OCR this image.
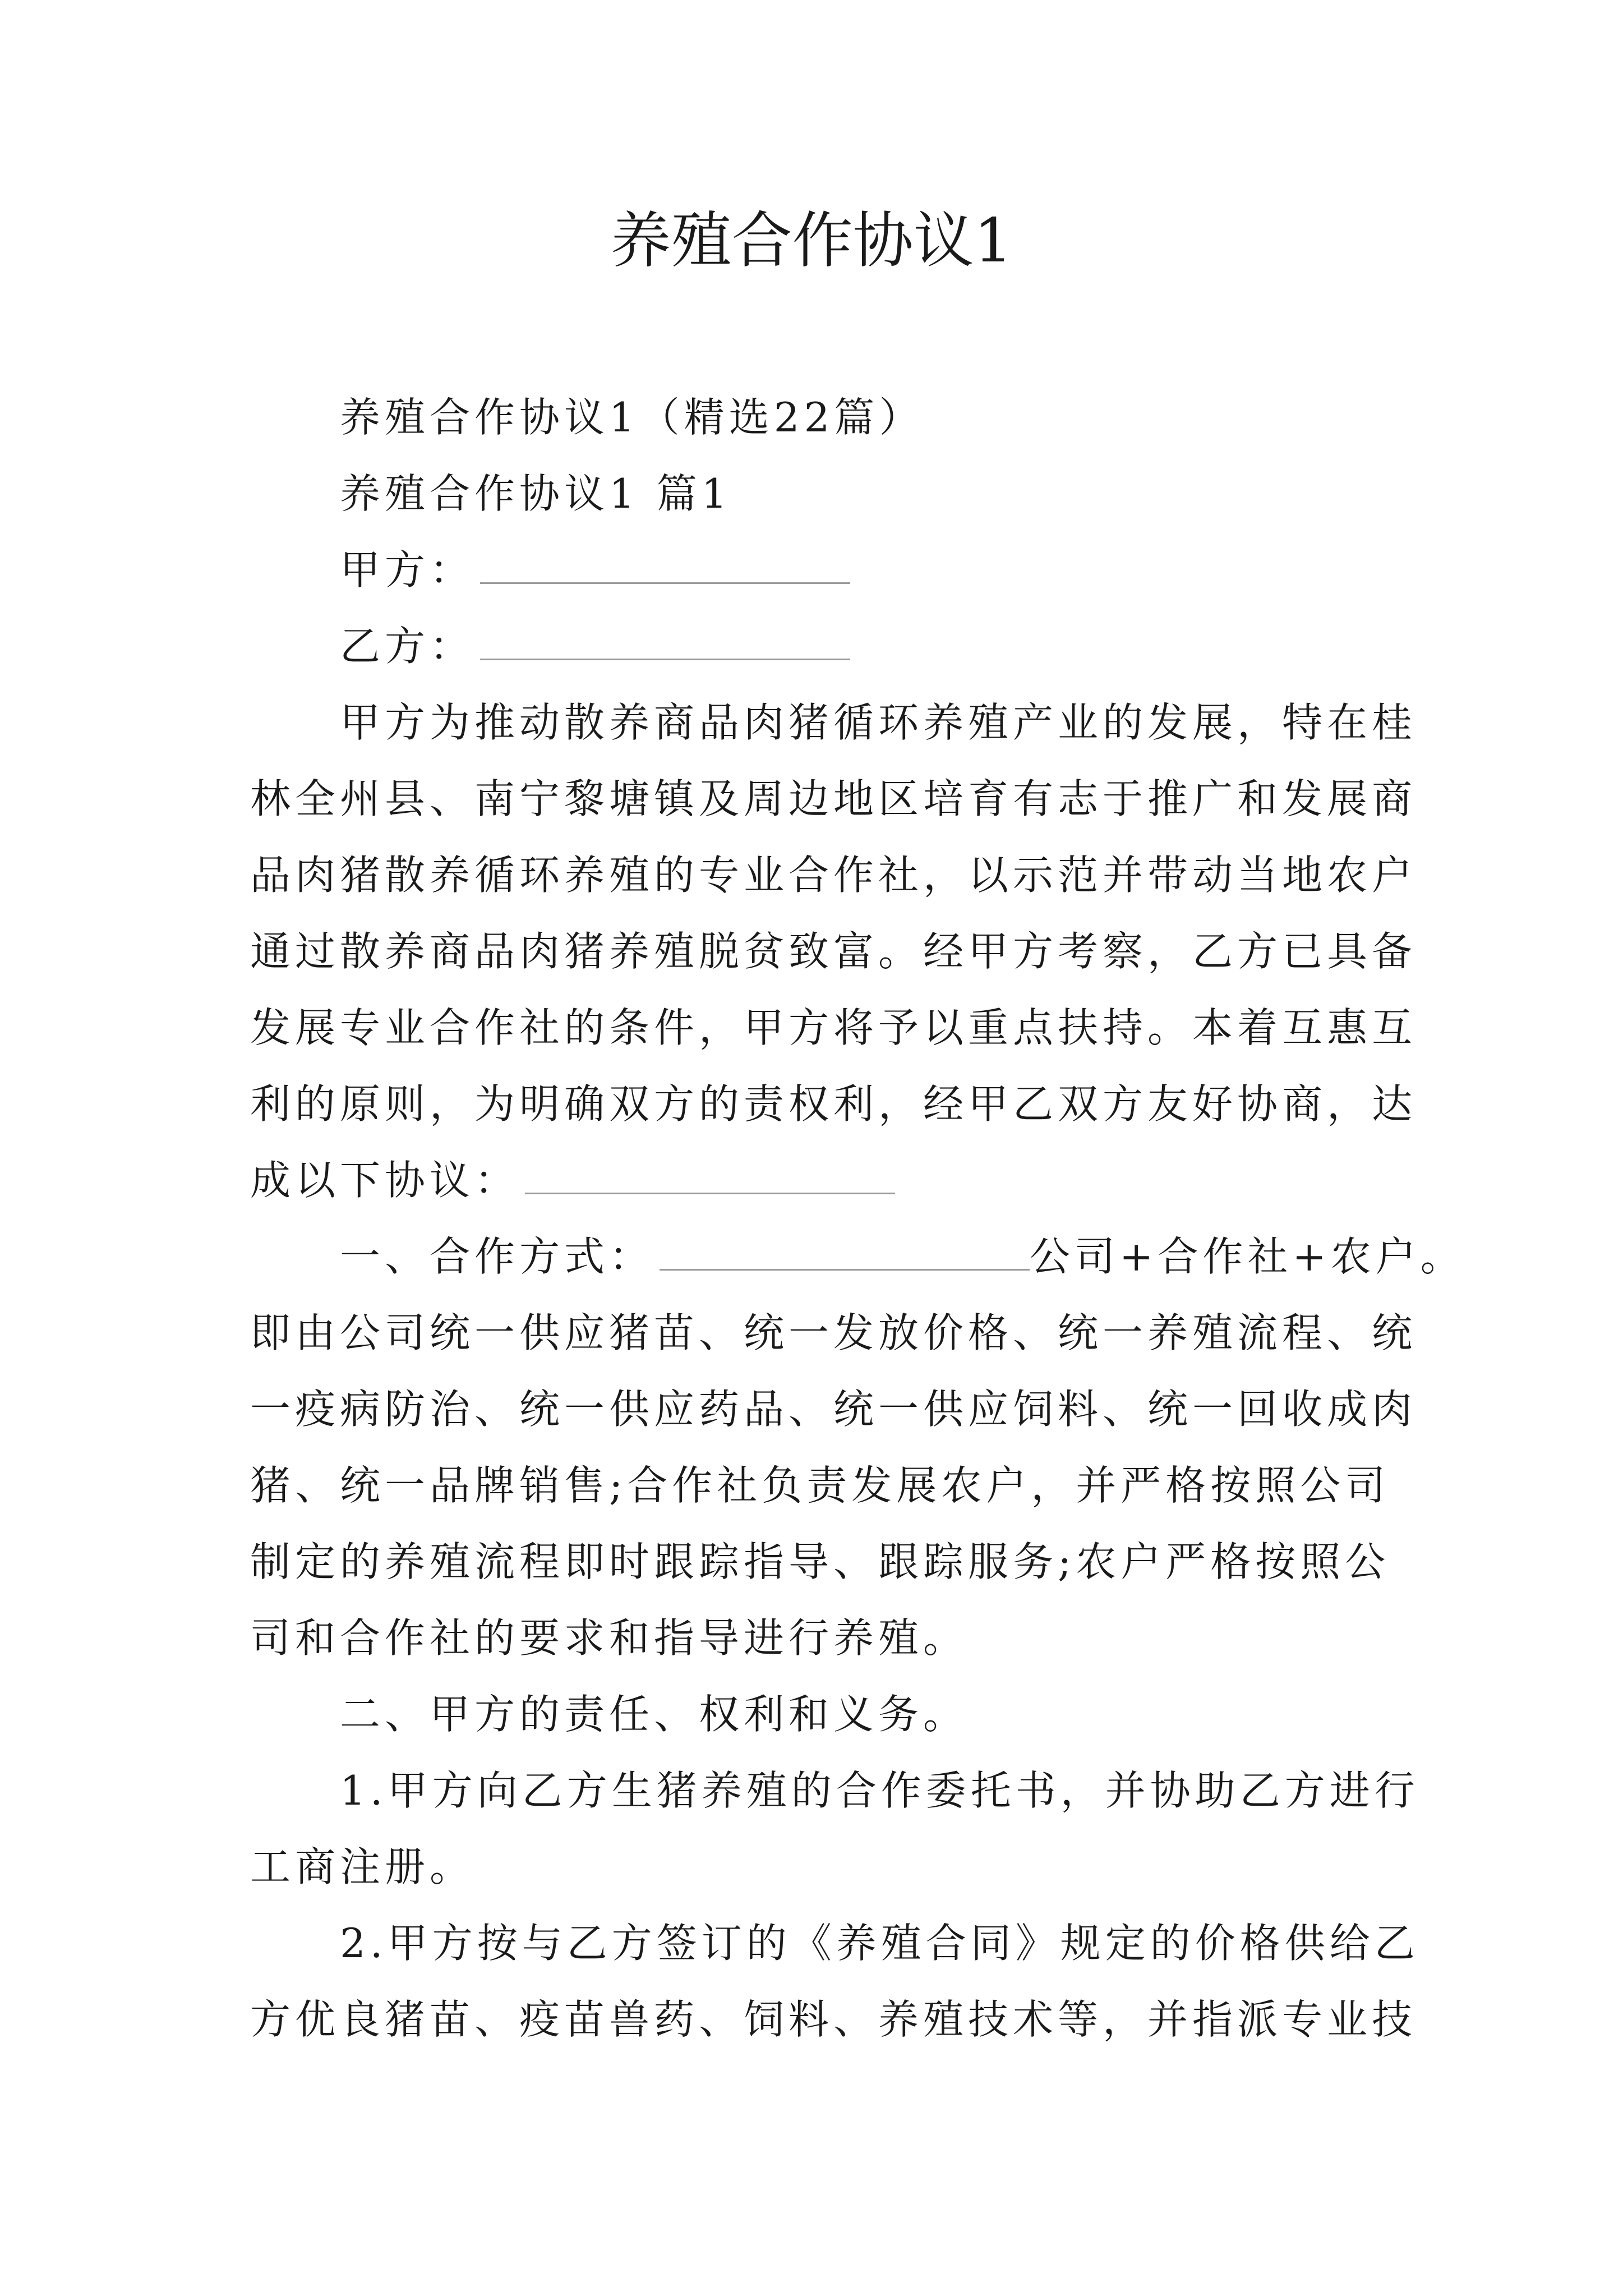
养殖合作协议1
养殖合作协议1（精选22篇）
养殖合作协议1 篇1
甲方：
乙方：
甲方为推动散养商品肉猪循环养殖产业的发展，特在桂
林全州县、南宁黎塘镇及周边地区培育有志于推广和发展商
品肉猪散养循环养殖的专业合作社，以示范并带动当地农户
通过散养商品肉猪养殖脱贫致富。经甲方考察，乙方已具备
发展专业合作社的条件，甲方将予以重点扶持。本着互惠互
利的原则，为明确双方的责权利，经甲乙双方友好协商，达
成以下协议：
一、合作方式：	公司+合作社+农户。
即由公司统一供应猪苗、统一发放价格、统一养殖流程、统
一疫病防治、统一供应药品、统一供应饲料、统一回收成肉
猪、统一品牌销售;合作社负责发展农户，并严格按照公司
制定的养殖流程即时跟踪指导、跟踪服务;农户严格按照公
司和合作社的要求和指导进行养殖。
二、甲方的责任、权利和义务。
1.甲方向乙方生猪养殖的合作委托书，并协助乙方进行
工商注册。
2.甲方按与乙方签订的《养殖合同》规定的价格供给乙
方优良猪苗、疫苗兽药、饲料、养殖技术等，并指派专业技
